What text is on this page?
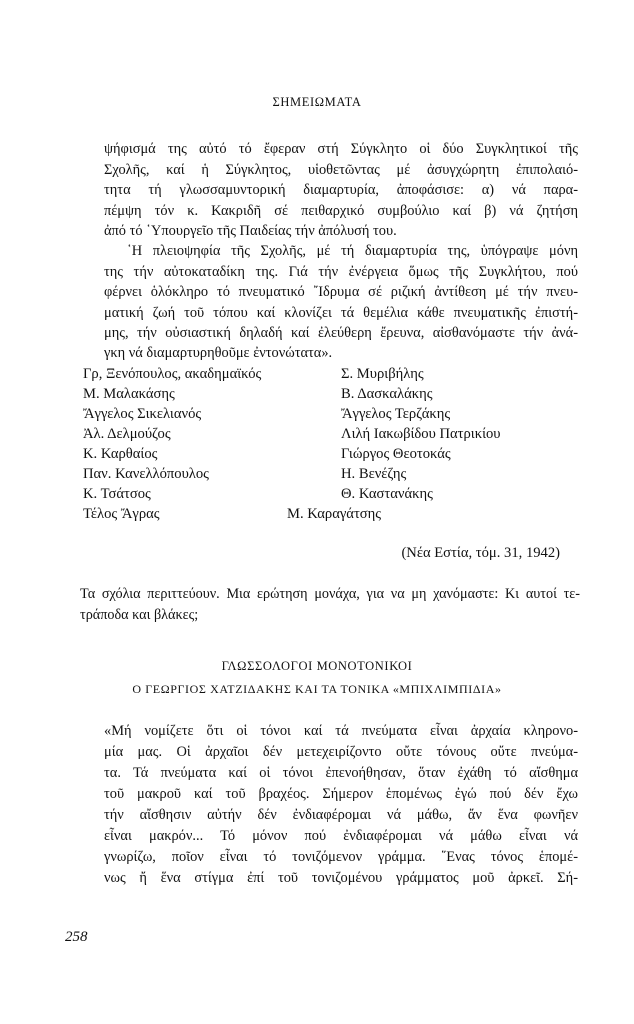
ΣΗΜΕΙΩΜΑΤΑ
ψήφισμά της αὐτό τό ἔφεραν στή Σύγκλητο οἱ δύο Συγκλητικοί τῆς
Σχολῆς, καί ἡ Σύγκλητος, υἱοθετῶντας μέ ἀσυγχώρητη ἐπιπολαιό-
τητα τή γλωσσαμυντορική διαμαρτυρία, ἀποφάσισε: α) νά παρα-
πέμψη τόν κ. Κακριδῆ σέ πειθαρχικό συμβούλιο καί β) νά ζητήση
ἀπό τό ῾Υπουργεῖο τῆς Παιδείας τήν ἀπόλυσή του.
῾Η πλειοψηφία τῆς Σχολῆς, μέ τή διαμαρτυρία της, ὑπόγραψε μόνη
της τήν αὐτοκαταδίκη της. Γιά τήν ἐνέργεια ὅμως τῆς Συγκλήτου, πού
φέρνει ὁλόκληρο τό πνευματικό ῎Ιδρυμα σέ ριζική ἀντίθεση μέ τήν πνευ-
ματική ζωή τοῦ τόπου καί κλονίζει τά θεμέλια κάθε πνευματικῆς ἐπιστή-
μης, τήν οὐσιαστική δηλαδή καί ἐλεύθερη ἔρευνα, αἰσθανόμαστε τήν ἀνά-
γκη νά διαμαρτυρηθοῦμε ἐντονώτατα».
Γρ, Ξενόπουλος, ακαδημαϊκός
Μ. Μαλακάσης
Ἄγγελος Σικελιανός
Ἀλ. Δελμούζος
Κ. Καρθαίος
Παν. Κανελλόπουλος
Κ. Τσάτσος
Τέλος Ἄγρας
Σ. Μυριβήλης
Β. Δασκαλάκης
Ἄγγελος Τερζάκης
Λιλή Ιακωβίδου Πατρικίου
Γιώργος Θεοτοκάς
Η. Βενέζης
Θ. Καστανάκης
Μ. Καραγάτσης
(Νέα Εστία, τόμ. 31, 1942)
Τα σχόλια περιττεύουν. Μια ερώτηση μονάχα, για να μη χανόμαστε: Κι αυτοί τε-
τράποδα και βλάκες;
ΓΛΩΣΣΟΛΟΓΟΙ ΜΟΝΟΤΟΝΙΚΟΙ
Ο ΓΕΩΡΓΙΟΣ ΧΑΤΖΙΔΑΚΗΣ ΚΑΙ ΤΑ ΤΟΝΙΚΑ «ΜΠΙΧΛΙΜΠΙΔΙΑ»
«Μή νομίζετε ὅτι οἱ τόνοι καί τά πνεύματα εἶναι ἀρχαία κληρονο-
μία μας. Οἱ ἀρχαῖοι δέν μετεχειρίζοντο οὔτε τόνους οὔτε πνεύμα-
τα. Τά πνεύματα καί οἱ τόνοι ἐπενοήθησαν, ὅταν ἐχάθη τό αἴσθημα
τοῦ μακροῦ καί τοῦ βραχέος. Σήμερον ἑπομένως ἐγώ πού δέν ἔχω
τήν αἴσθησιν αὐτήν δέν ἐνδιαφέρομαι νά μάθω, ἄν ἕνα φωνῆεν
εἶναι μακρόν... Τό μόνον πού ἐνδιαφέρομαι νά μάθω εἶναι νά
γνωρίζω, ποῖον εἶναι τό τονιζόμενον γράμμα. ῞Ενας τόνος ἑπομέ-
νως ἤ ἕνα στίγμα ἐπί τοῦ τονιζομένου γράμματος μοῦ ἀρκεῖ. Σή-
258
